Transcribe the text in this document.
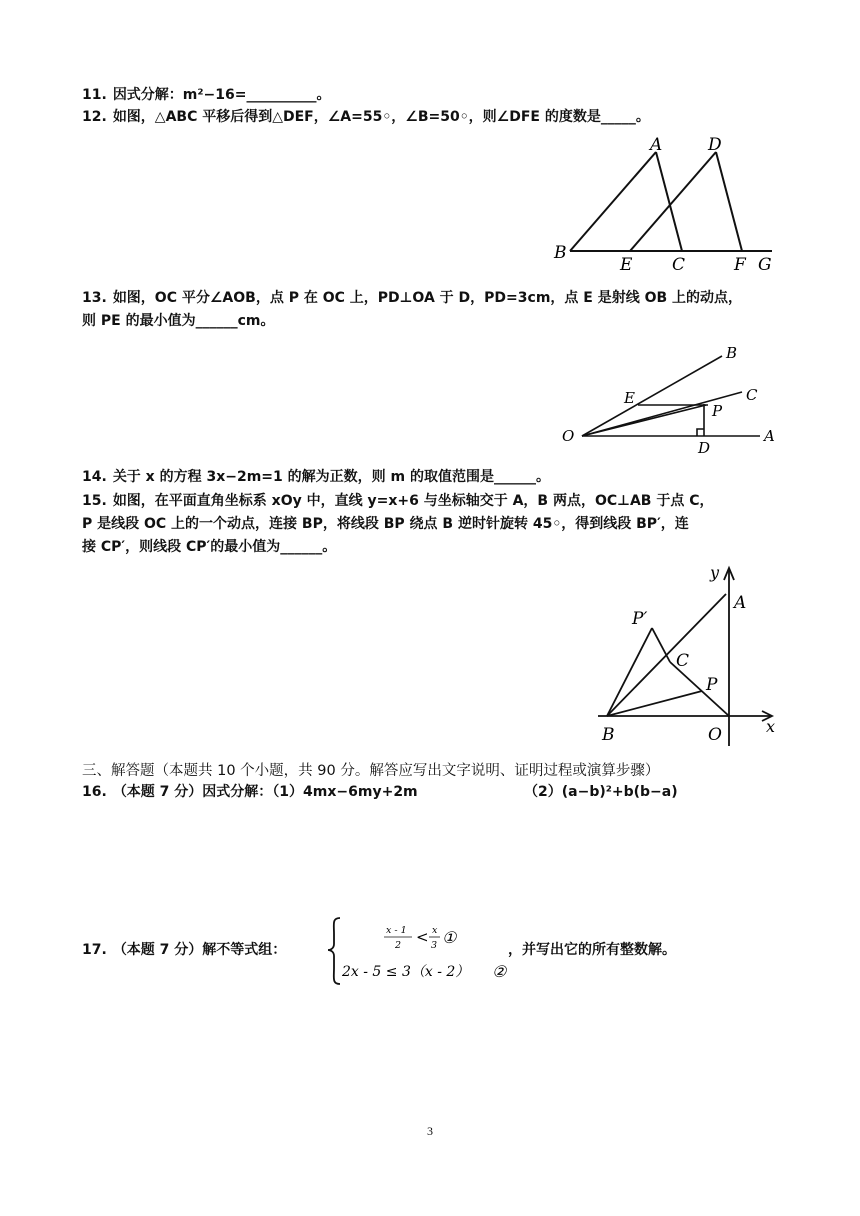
11. 因式分解：m²−16=__________。
12. 如图，△ABC 平移后得到△DEF，∠A=55◦，∠B=50◦，则∠DFE 的度数是_____。
A	D
B
E C	F G
13. 如图，OC 平分∠AOB，点 P 在 OC 上，PD⊥OA 于 D，PD=3cm，点 E 是射线 OB 上的动点，
则 PE 的最小值为______cm。
B
C
E
P
O
D
A
14. 关于 x 的方程 3x−2m=1 的解为正数，则 m 的取值范围是______。
15. 如图，在平面直角坐标系 xOy 中，直线 y=x+6 与坐标轴交于 A，B 两点，OC⊥AB 于点 C，
P 是线段 OC 上的一个动点，连接 BP，将线段 BP 绕点 B 逆时针旋转 45◦，得到线段 BP′，连
接 CP′，则线段 CP′的最小值为______。
y
A
P′
C
P
B	O	x
三、解答题（本题共 10 个小题，共 90 分。解答应写出文字说明、证明过程或演算步骤）
16. （本题 7 分）因式分解：（1）4mx−6my+2m	（2）(a−b)²+b(b−a)
17. （本题 7 分）解不等式组：
x - 1
2 < x
3 ①
2x - 5 ≤ 3（x - 2） ②
，并写出它的所有整数解。
3
